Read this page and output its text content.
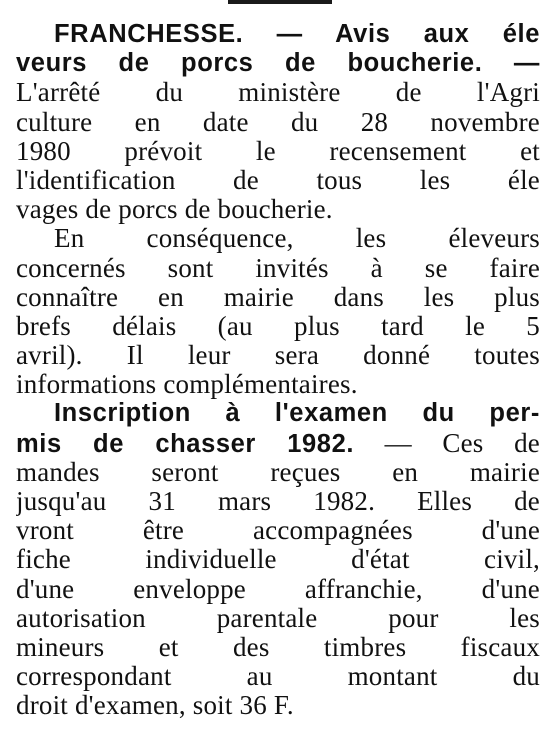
FRANCHESSE. — Avis aux éle
veurs de porcs de boucherie. —
L'arrêté du ministère de l'Agri
culture en date du 28 novembre
1980 prévoit le recensement et
l'identification de tous les éle
vages de porcs de boucherie.
En conséquence, les éleveurs
concernés sont invités à se faire
connaître en mairie dans les plus
brefs délais (au plus tard le 5
avril). Il leur sera donné toutes
informations complémentaires.
Inscription à l'examen du per-
mis de chasser 1982. — Ces de
mandes seront reçues en mairie
jusqu'au 31 mars 1982. Elles de
vront être accompagnées d'une
fiche individuelle d'état civil,
d'une enveloppe affranchie, d'une
autorisation parentale pour les
mineurs et des timbres fiscaux
correspondant au montant du
droit d'examen, soit 36 F.
